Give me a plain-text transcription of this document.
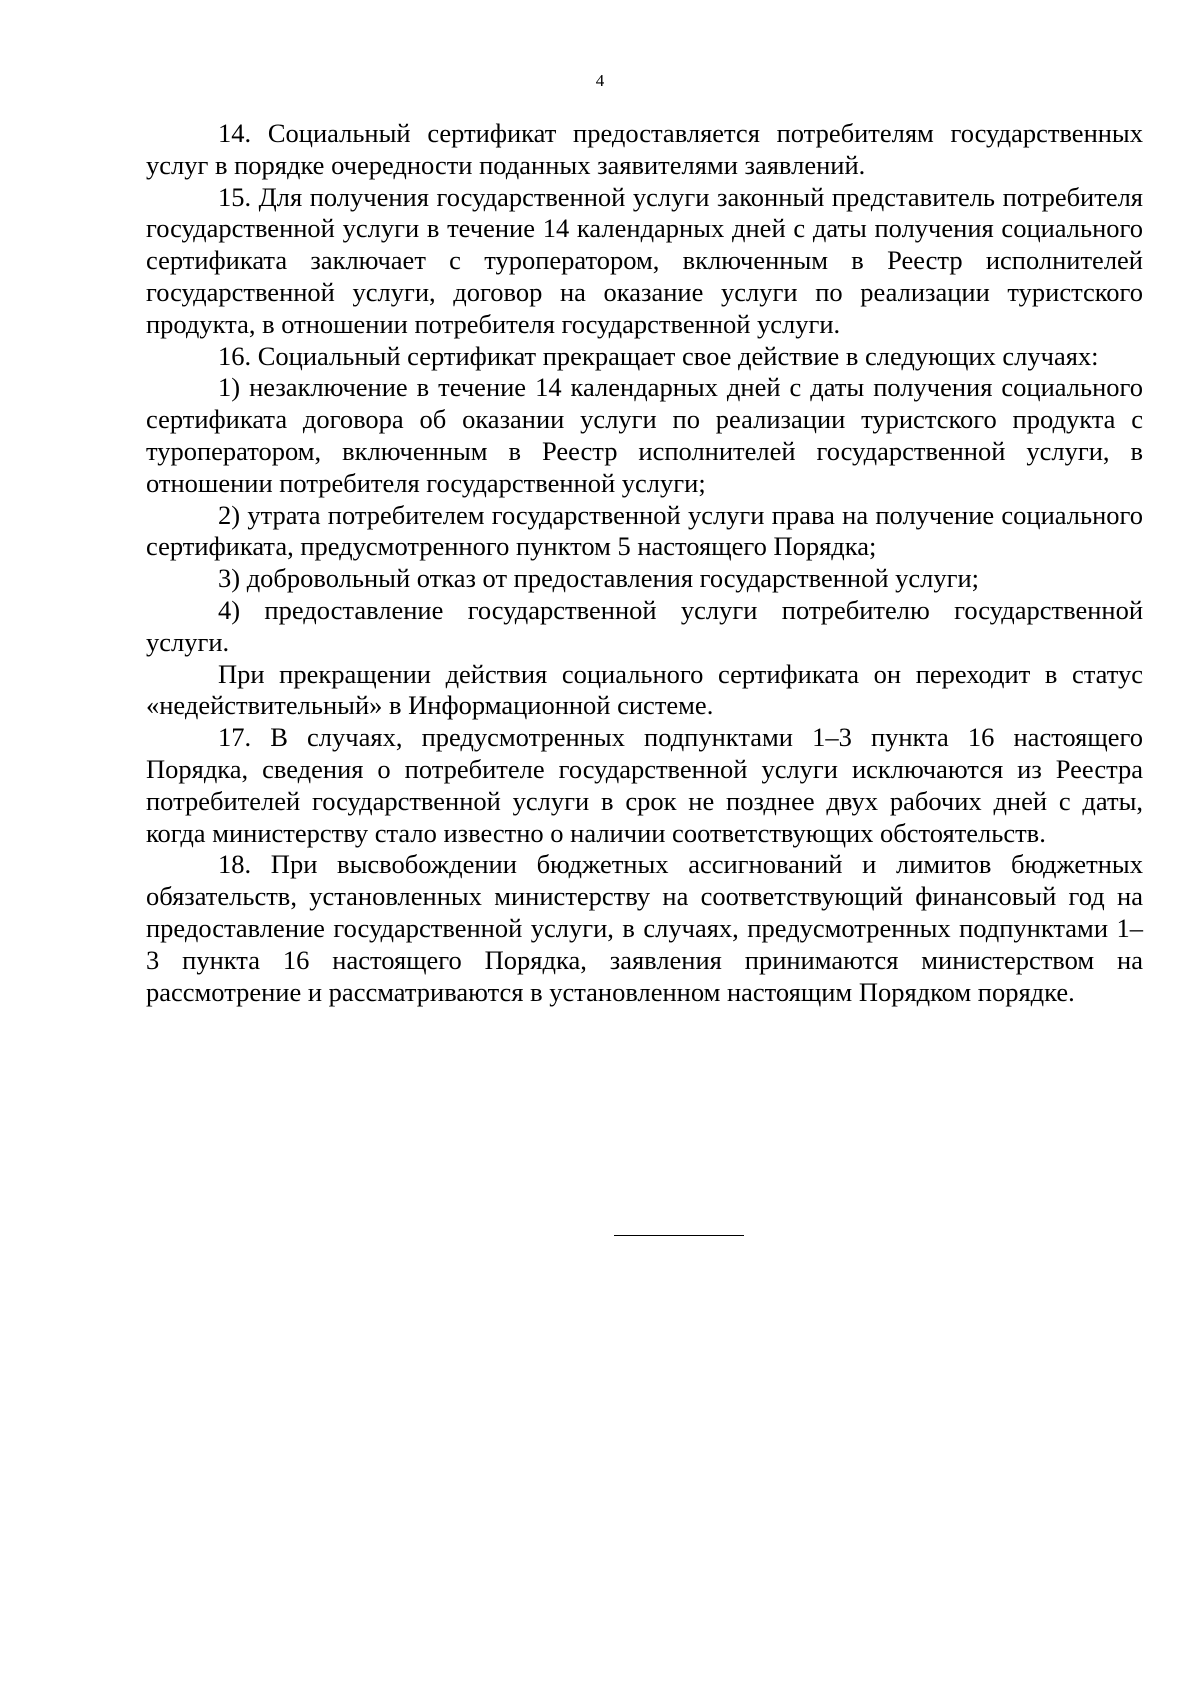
4

14. Социальный сертификат предоставляется потребителям государственных услуг в порядке очередности поданных заявителями заявлений.

15. Для получения государственной услуги законный представитель потребителя государственной услуги в течение 14 календарных дней с даты получения социального сертификата заключает с туроператором, включенным в Реестр исполнителей государственной услуги, договор на оказание услуги по реализации туристского продукта, в отношении потребителя государственной услуги.

16. Социальный сертификат прекращает свое действие в следующих случаях:

1) незаключение в течение 14 календарных дней с даты получения социального сертификата договора об оказании услуги по реализации туристского продукта с туроператором, включенным в Реестр исполнителей государственной услуги, в отношении потребителя государственной услуги;

2) утрата потребителем государственной услуги права на получение социального сертификата, предусмотренного пунктом 5 настоящего Порядка;

3) добровольный отказ от предоставления государственной услуги;

4) предоставление государственной услуги потребителю государственной услуги.

При прекращении действия социального сертификата он переходит в статус «недействительный» в Информационной системе.

17. В случаях, предусмотренных подпунктами 1–3 пункта 16 настоящего Порядка, сведения о потребителе государственной услуги исключаются из Реестра потребителей государственной услуги в срок не позднее двух рабочих дней с даты, когда министерству стало известно о наличии соответствующих обстоятельств.

18. При высвобождении бюджетных ассигнований и лимитов бюджетных обязательств, установленных министерству на соответствующий финансовый год на предоставление государственной услуги, в случаях, предусмотренных подпунктами 1–3 пункта 16 настоящего Порядка, заявления принимаются министерством на рассмотрение и рассматриваются в установленном настоящим Порядком порядке.
